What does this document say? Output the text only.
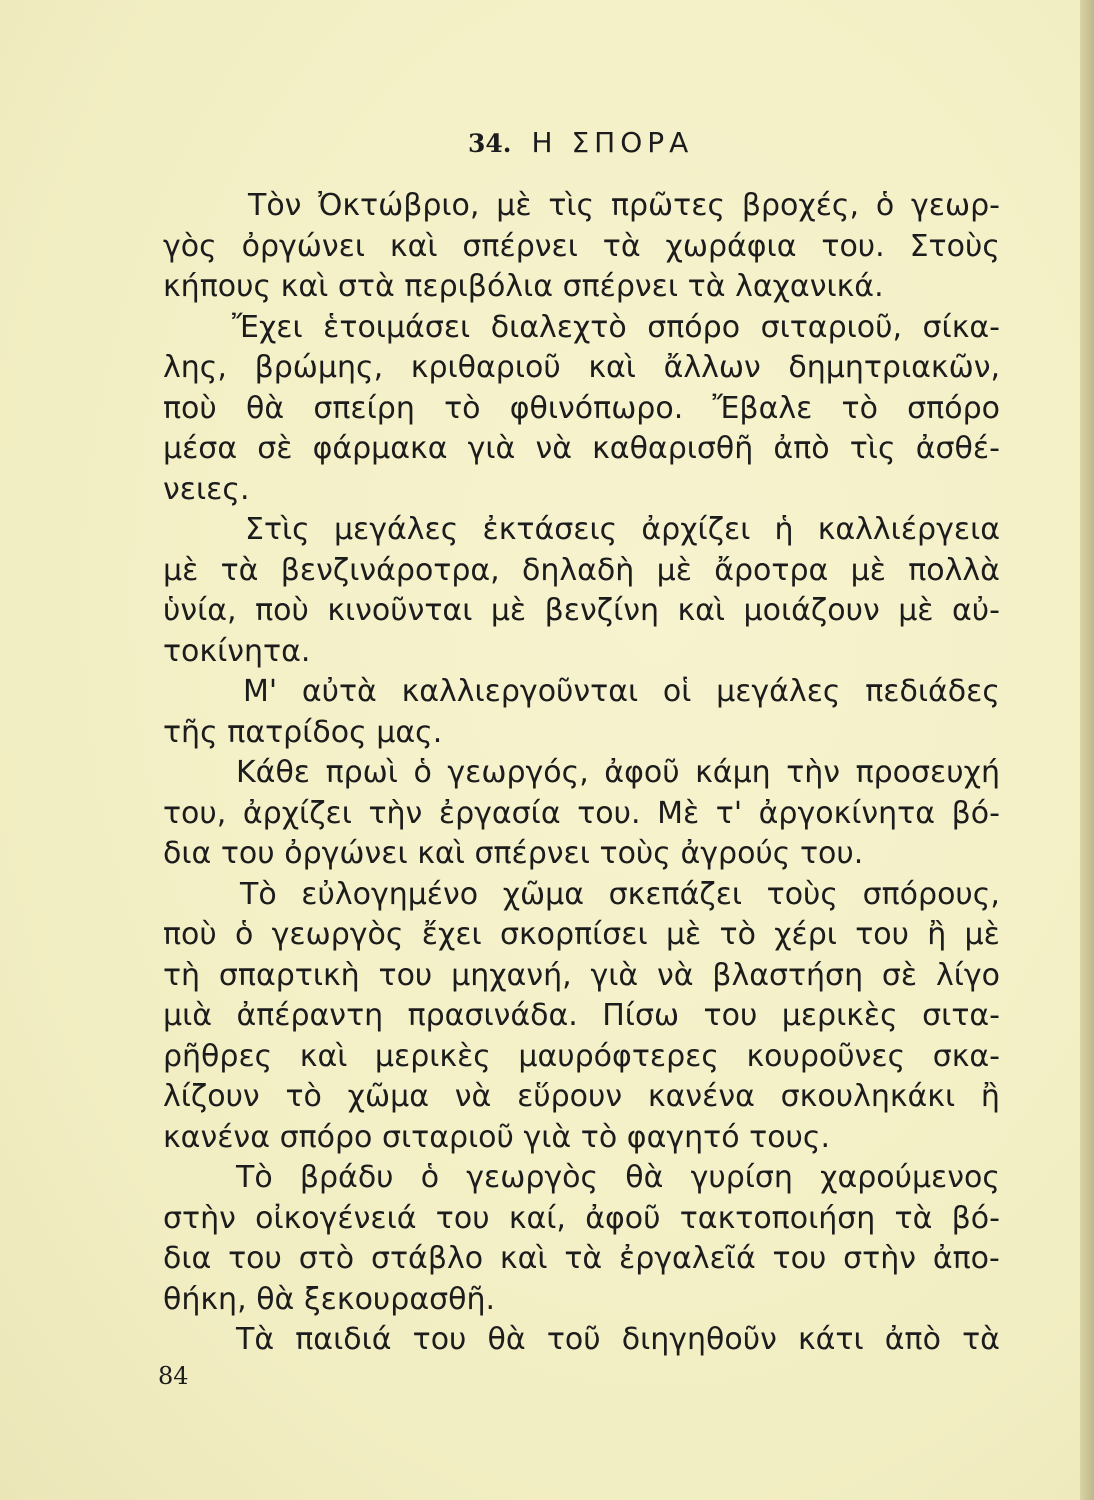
34. Η ΣΠΟΡΑ
Τὸν Ὀκτώβριο, μὲ τὶς πρῶτες βροχές, ὁ γεωρ-
γὸς ὀργώνει καὶ σπέρνει τὰ χωράφια του. Στοὺς
κήπους καὶ στὰ περιβόλια σπέρνει τὰ λαχανικά.
Ἔχει ἑτοιμάσει διαλεχτὸ σπόρο σιταριοῦ, σίκα-
λης, βρώμης, κριθαριοῦ καὶ ἄλλων δημητριακῶν,
ποὺ θὰ σπείρη τὸ φθινόπωρο. Ἔβαλε τὸ σπόρο
μέσα σὲ φάρμακα γιὰ νὰ καθαρισθῆ ἀπὸ τὶς ἀσθέ-
νειες.
Στὶς μεγάλες ἐκτάσεις ἀρχίζει ἡ καλλιέργεια
μὲ τὰ βενζινάροτρα, δηλαδὴ μὲ ἄροτρα μὲ πολλὰ
ὑνία, ποὺ κινοῦνται μὲ βενζίνη καὶ μοιάζουν μὲ αὐ-
τοκίνητα.
Μ' αὐτὰ καλλιεργοῦνται οἱ μεγάλες πεδιάδες
τῆς πατρίδος μας.
Κάθε πρωὶ ὁ γεωργός, ἀφοῦ κάμη τὴν προσευχή
του, ἀρχίζει τὴν ἐργασία του. Μὲ τ' ἀργοκίνητα βό-
δια του ὀργώνει καὶ σπέρνει τοὺς ἀγρούς του.
Τὸ εὐλογημένο χῶμα σκεπάζει τοὺς σπόρους,
ποὺ ὁ γεωργὸς ἔχει σκορπίσει μὲ τὸ χέρι του ἢ μὲ
τὴ σπαρτικὴ του μηχανή, γιὰ νὰ βλαστήση σὲ λίγο
μιὰ ἀπέραντη πρασινάδα. Πίσω του μερικὲς σιτα-
ρῆθρες καὶ μερικὲς μαυρόφτερες κουροῦνες σκα-
λίζουν τὸ χῶμα νὰ εὕρουν κανένα σκουληκάκι ἢ
κανένα σπόρο σιταριοῦ γιὰ τὸ φαγητό τους.
Τὸ βράδυ ὁ γεωργὸς θὰ γυρίση χαρούμενος
στὴν οἰκογένειά του καί, ἀφοῦ τακτοποιήση τὰ βό-
δια του στὸ στάβλο καὶ τὰ ἐργαλεῖά του στὴν ἀπο-
θήκη, θὰ ξεκουρασθῆ.
Τὰ παιδιά του θὰ τοῦ διηγηθοῦν κάτι ἀπὸ τὰ
84
